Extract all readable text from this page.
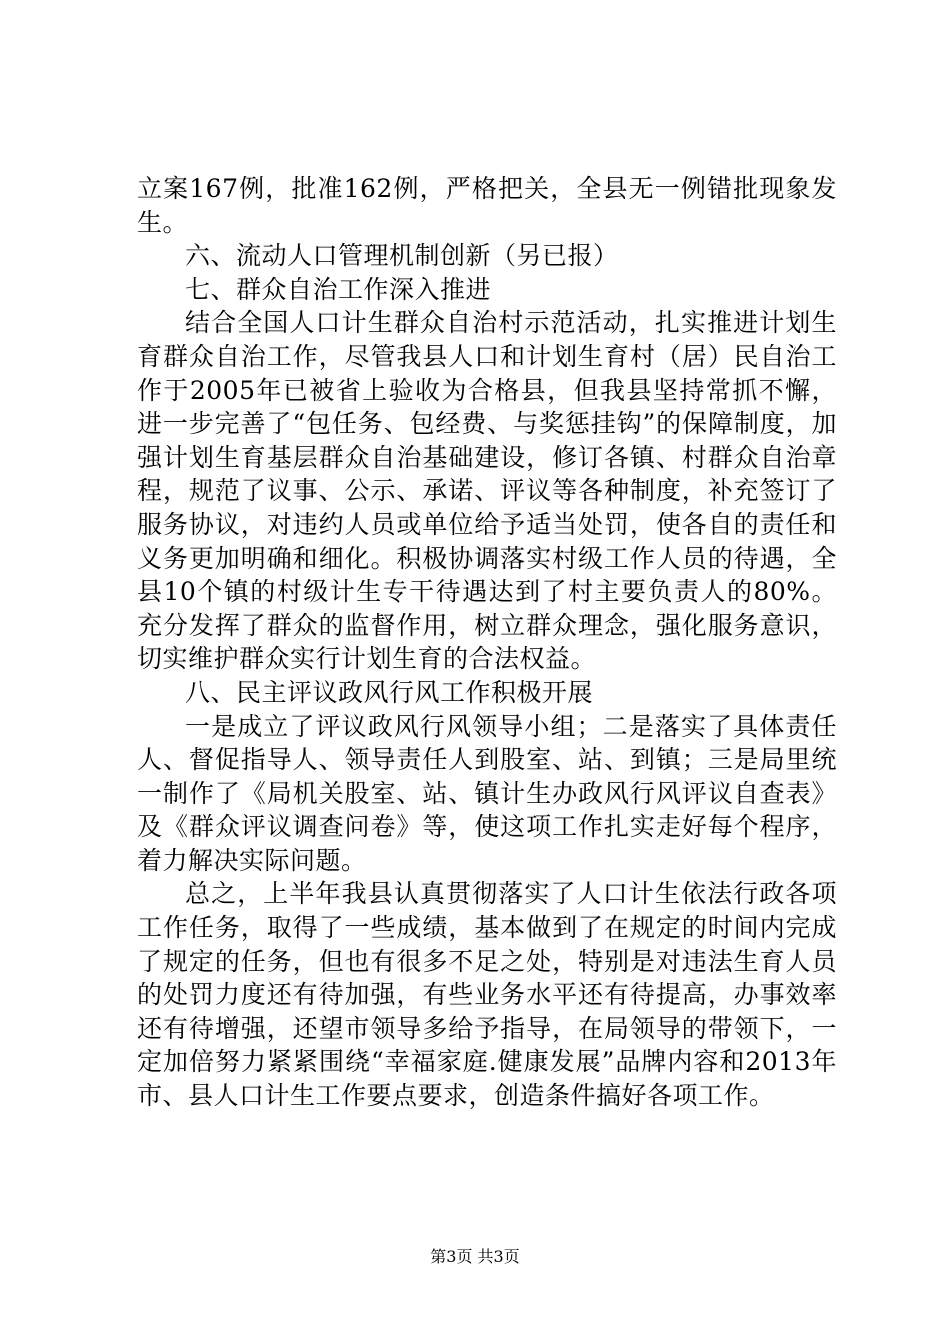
立案167例，批准162例，严格把关，全县无一例错批现象发生。

六、流动人口管理机制创新（另已报）

七、群众自治工作深入推进

结合全国人口计生群众自治村示范活动，扎实推进计划生育群众自治工作，尽管我县人口和计划生育村（居）民自治工作于2005年已被省上验收为合格县，但我县坚持常抓不懈，进一步完善了“包任务、包经费、与奖惩挂钩”的保障制度，加强计划生育基层群众自治基础建设，修订各镇、村群众自治章程，规范了议事、公示、承诺、评议等各种制度，补充签订了服务协议，对违约人员或单位给予适当处罚，使各自的责任和义务更加明确和细化。积极协调落实村级工作人员的待遇，全县10个镇的村级计生专干待遇达到了村主要负责人的80%。充分发挥了群众的监督作用，树立群众理念，强化服务意识，切实维护群众实行计划生育的合法权益。

八、民主评议政风行风工作积极开展

一是成立了评议政风行风领导小组；二是落实了具体责任人、督促指导人、领导责任人到股室、站、到镇；三是局里统一制作了《局机关股室、站、镇计生办政风行风评议自查表》及《群众评议调查问卷》等，使这项工作扎实走好每个程序，着力解决实际问题。

总之，上半年我县认真贯彻落实了人口计生依法行政各项工作任务，取得了一些成绩，基本做到了在规定的时间内完成了规定的任务，但也有很多不足之处，特别是对违法生育人员的处罚力度还有待加强，有些业务水平还有待提高，办事效率还有待增强，还望市领导多给予指导，在局领导的带领下，一定加倍努力紧紧围绕“幸福家庭.健康发展”品牌内容和2013年市、县人口计生工作要点要求，创造条件搞好各项工作。

第3页 共3页
